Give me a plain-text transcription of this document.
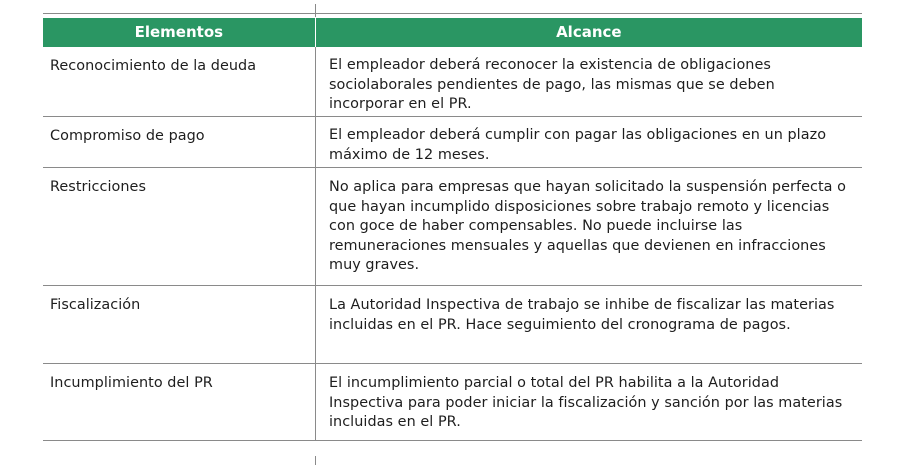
Elementos	Alcance
Reconocimiento de la deuda	El empleador deberá reconocer la existencia de obligaciones sociolaborales pendientes de pago, las mismas que se deben incorporar en el PR.
Compromiso de pago	El empleador deberá cumplir con pagar las obligaciones en un plazo máximo de 12 meses.
Restricciones	No aplica para empresas que hayan solicitado la suspensión perfecta o que hayan incumplido disposiciones sobre trabajo remoto y licencias con goce de haber compensables. No puede incluirse las remuneraciones mensuales y aquellas que devienen en infracciones muy graves.
Fiscalización	La Autoridad Inspectiva de trabajo se inhibe de fiscalizar las materias incluidas en el PR. Hace seguimiento del cronograma de pagos.
Incumplimiento del PR	El incumplimiento parcial o total del PR habilita a la Autoridad Inspectiva para poder iniciar la fiscalización y sanción por las materias incluidas en el PR.
